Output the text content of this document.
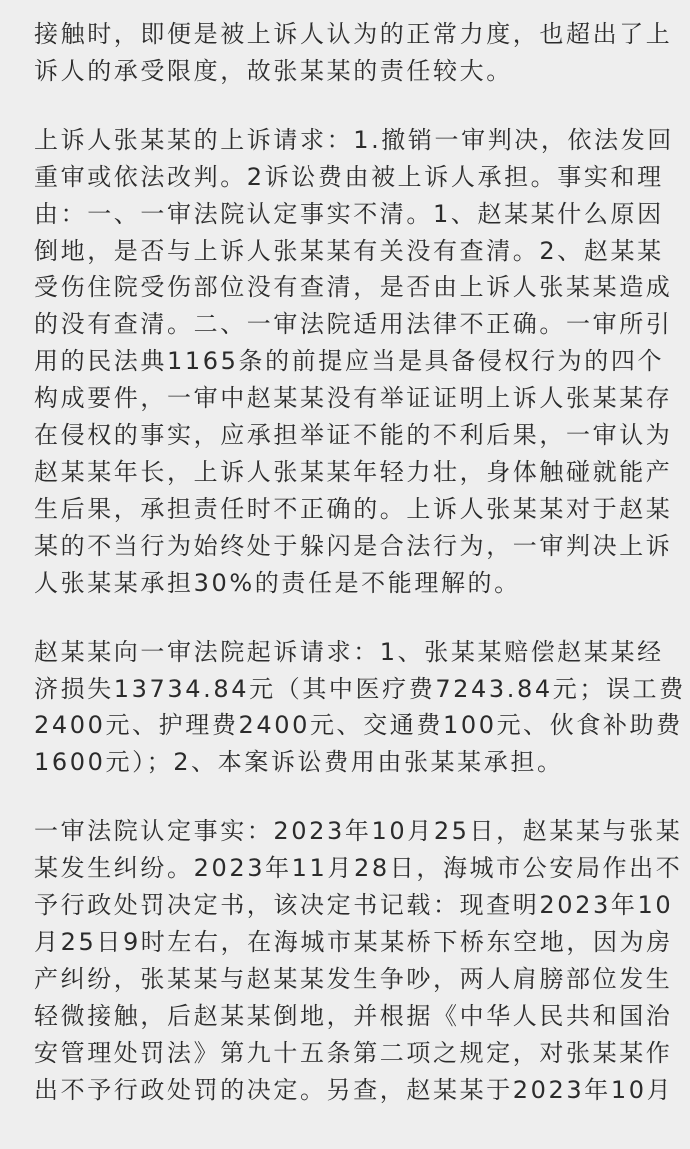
接触时，即便是被上诉人认为的正常力度，也超出了上
诉人的承受限度，故张某某的责任较大。

上诉人张某某的上诉请求：1.撤销一审判决，依法发回
重审或依法改判。2诉讼费由被上诉人承担。事实和理
由：一、一审法院认定事实不清。1、赵某某什么原因
倒地，是否与上诉人张某某有关没有查清。2、赵某某
受伤住院受伤部位没有查清，是否由上诉人张某某造成
的没有查清。二、一审法院适用法律不正确。一审所引
用的民法典1165条的前提应当是具备侵权行为的四个
构成要件，一审中赵某某没有举证证明上诉人张某某存
在侵权的事实，应承担举证不能的不利后果，一审认为
赵某某年长，上诉人张某某年轻力壮，身体触碰就能产
生后果，承担责任时不正确的。上诉人张某某对于赵某
某的不当行为始终处于躲闪是合法行为，一审判决上诉
人张某某承担30%的责任是不能理解的。

赵某某向一审法院起诉请求：1、张某某赔偿赵某某经
济损失13734.84元（其中医疗费7243.84元；误工费
2400元、护理费2400元、交通费100元、伙食补助费
1600元）；2、本案诉讼费用由张某某承担。

一审法院认定事实：2023年10月25日，赵某某与张某
某发生纠纷。2023年11月28日，海城市公安局作出不
予行政处罚决定书，该决定书记载：现查明2023年10
月25日9时左右，在海城市某某桥下桥东空地，因为房
产纠纷，张某某与赵某某发生争吵，两人肩膀部位发生
轻微接触，后赵某某倒地，并根据《中华人民共和国治
安管理处罚法》第九十五条第二项之规定，对张某某作
出不予行政处罚的决定。另查，赵某某于2023年10月
